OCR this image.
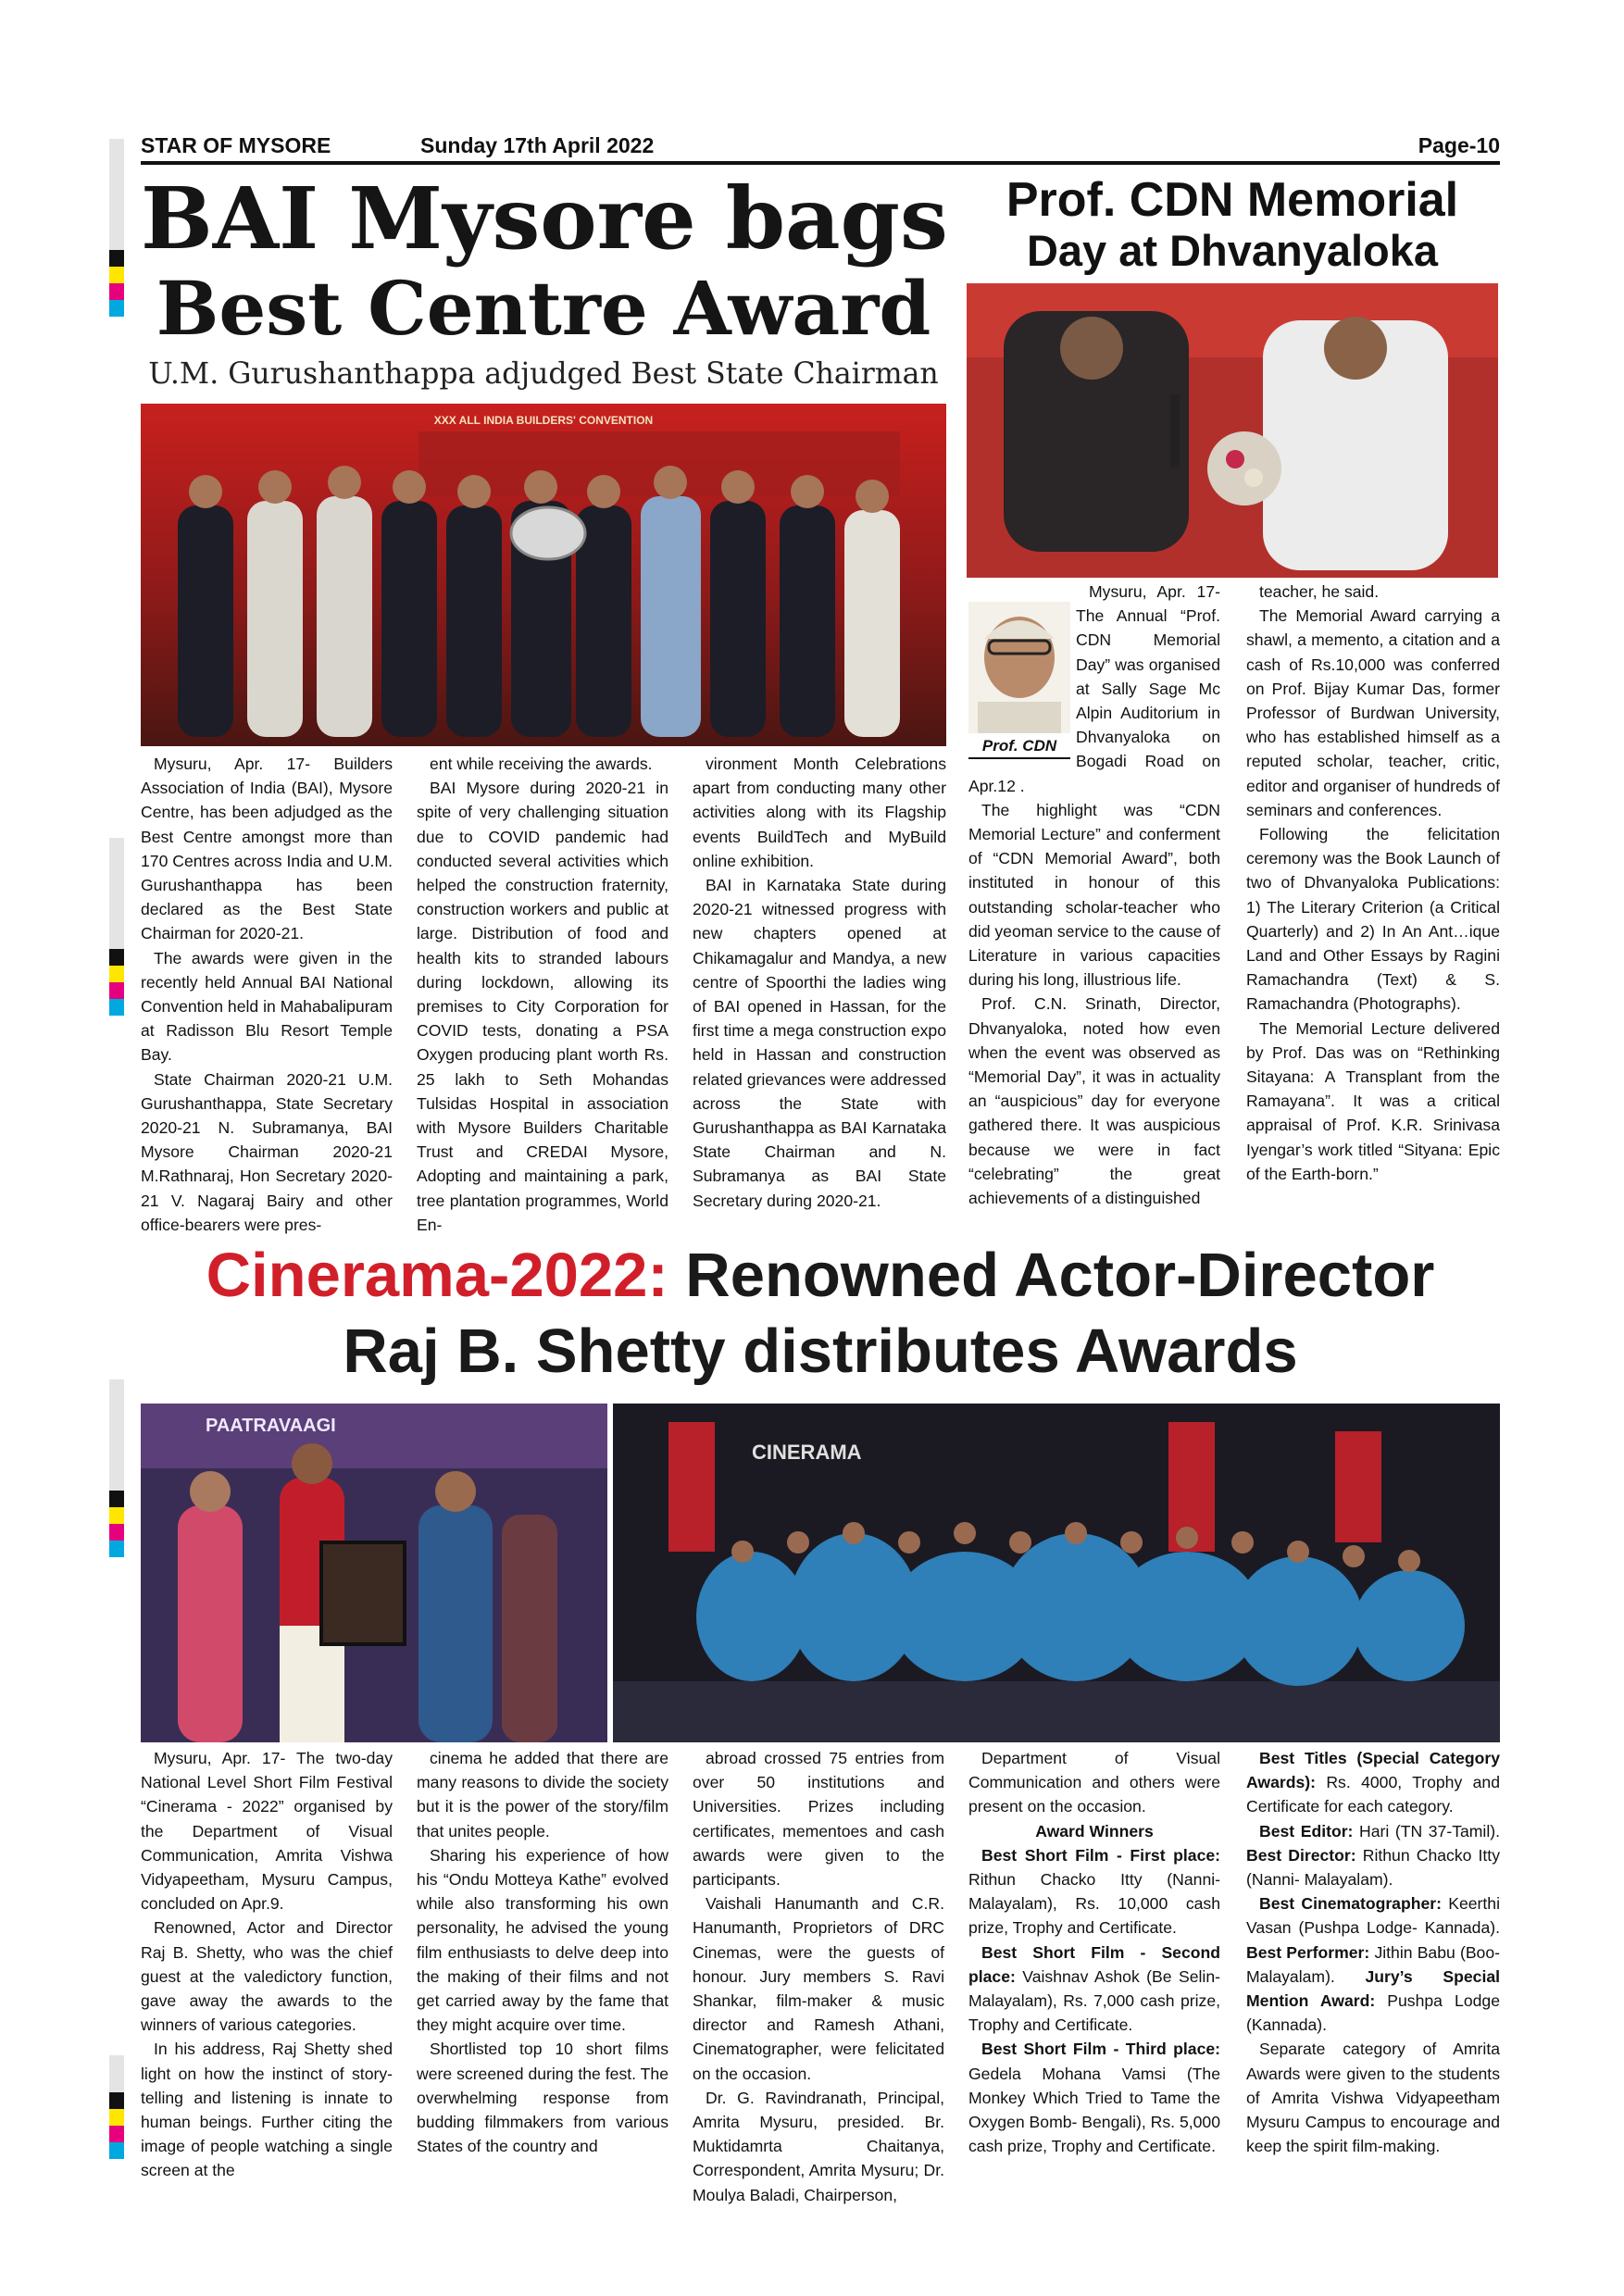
STAR OF MYSORE	Sunday 17th April 2022	Page-10
BAI Mysore bags
Best Centre Award
U.M. Gurushanthappa adjudged Best State Chairman
XXX ALL INDIA BUILDERS' CONVENTION

Mysuru, Apr. 17- Builders Association of India (BAI), Mysore Centre, has been adjudged as the Best Centre amongst more than 170 Centres across India and U.M. Gurushanthappa has been declared as the Best State Chairman for 2020-21.

The awards were given in the recently held Annual BAI National Convention held in Mahabalipuram at Radisson Blu Resort Temple Bay.

State Chairman 2020-21 U.M. Gurushanthappa, State Secretary 2020-21 N. Subramanya, BAI Mysore Chairman 2020-21 M.Rathnaraj, Hon Secretary 2020-21 V. Nagaraj Bairy and other office-bearers were pres-

ent while receiving the awards.

BAI Mysore during 2020-21 in spite of very challenging situation due to COVID pandemic had conducted several activities which helped the construction fraternity, construction workers and public at large. Distribution of food and health kits to stranded labours during lockdown, allowing its premises to City Corporation for COVID tests, donating a PSA Oxygen producing plant worth Rs. 25 lakh to Seth Mohandas Tulsidas Hospital in association with Mysore Builders Charitable Trust and CREDAI Mysore, Adopting and maintaining a park, tree plantation programmes, World En-

vironment Month Celebrations apart from conducting many other activities along with its Flagship events BuildTech and MyBuild online exhibition.

BAI in Karnataka State during 2020-21 witnessed progress with new chapters opened at Chikamagalur and Mandya, a new centre of Spoorthi the ladies wing of BAI opened in Hassan, for the first time a mega construction expo held in Hassan and construction related grievances were addressed across the State with Gurushanthappa as BAI Karnataka State Chairman and N. Subramanya as BAI State Secretary during 2020-21.

Prof. CDN Memorial
Day at Dhvanyaloka
Prof. CDN

Mysuru, Apr. 17- The Annual “Prof. CDN Memorial Day” was organised at Sally Sage Mc Alpin Auditorium in Dhvanyaloka on Bogadi Road on Apr.12 .

The highlight was “CDN Memorial Lecture” and conferment of “CDN Memorial Award”, both instituted in honour of this outstanding scholar-teacher who did yeoman service to the cause of Literature in various capacities during his long, illustrious life.

Prof. C.N. Srinath, Director, Dhvanyaloka, noted how even when the event was observed as “Memorial Day”, it was in actuality an “auspicious” day for everyone gathered there. It was auspicious because we were in fact “celebrating” the great achievements of a distinguished

teacher, he said.

The Memorial Award carrying a shawl, a memento, a citation and a cash of Rs.10,000 was conferred on Prof. Bijay Kumar Das, former Professor of Burdwan University, who has established himself as a reputed scholar, teacher, critic, editor and organiser of hundreds of seminars and conferences.

Following the felicitation ceremony was the Book Launch of two of Dhvanyaloka Publications: 1) The Literary Criterion (a Critical Quarterly) and 2) In An Ant…ique Land and Other Essays by Ragini Ramachandra (Text) & S. Ramachandra (Photographs).

The Memorial Lecture delivered by Prof. Das was on “Rethinking Sitayana: A Transplant from the Ramayana”. It was a critical appraisal of Prof. K.R. Srinivasa Iyengar’s work titled “Sityana: Epic of the Earth-born.”

Cinerama-2022: Renowned Actor-Director
Raj B. Shetty distributes Awards
PAATRAVAAGI
CINERAMA

Mysuru, Apr. 17- The two-day National Level Short Film Festival “Cinerama - 2022” organised by the Department of Visual Communication, Amrita Vishwa Vidyapeetham, Mysuru Campus, concluded on Apr.9.

Renowned, Actor and Director Raj B. Shetty, who was the chief guest at the valedictory function, gave away the awards to the winners of various categories.

In his address, Raj Shetty shed light on how the instinct of story-telling and listening is innate to human beings. Further citing the image of people watching a single screen at the

cinema he added that there are many reasons to divide the society but it is the power of the story/film that unites people.

Sharing his experience of how his “Ondu Motteya Kathe” evolved while also transforming his own personality, he advised the young film enthusiasts to delve deep into the making of their films and not get carried away by the fame that they might acquire over time.

Shortlisted top 10 short films were screened during the fest. The overwhelming response from budding filmmakers from various States of the country and

abroad crossed 75 entries from over 50 institutions and Universities. Prizes including certificates, mementoes and cash awards were given to the participants.

Vaishali Hanumanth and C.R. Hanumanth, Proprietors of DRC Cinemas, were the guests of honour. Jury members S. Ravi Shankar, film-maker & music director and Ramesh Athani, Cinematographer, were felicitated on the occasion.

Dr. G. Ravindranath, Principal, Amrita Mysuru, presided. Br. Muktidamrta Chaitanya, Correspondent, Amrita Mysuru; Dr. Moulya Baladi, Chairperson,

Department of Visual Communication and others were present on the occasion.

Award Winners

Best Short Film - First place: Rithun Chacko Itty (Nanni- Malayalam), Rs. 10,000 cash prize, Trophy and Certificate.

Best Short Film - Second place: Vaishnav Ashok (Be Selin- Malayalam), Rs. 7,000 cash prize, Trophy and Certificate.

Best Short Film - Third place: Gedela Mohana Vamsi (The Monkey Which Tried to Tame the Oxygen Bomb- Bengali), Rs. 5,000 cash prize, Trophy and Certificate.

Best Titles (Special Category Awards): Rs. 4000, Trophy and Certificate for each category.

Best Editor: Hari (TN 37-Tamil). Best Director: Rithun Chacko Itty (Nanni- Malayalam).

Best Cinematographer: Keerthi Vasan (Pushpa Lodge- Kannada). Best Performer: Jithin Babu (Boo- Malayalam). Jury’s Special Mention Award: Pushpa Lodge (Kannada).

Separate category of Amrita Awards were given to the students of Amrita Vishwa Vidyapeetham Mysuru Campus to encourage and keep the spirit film-making.
